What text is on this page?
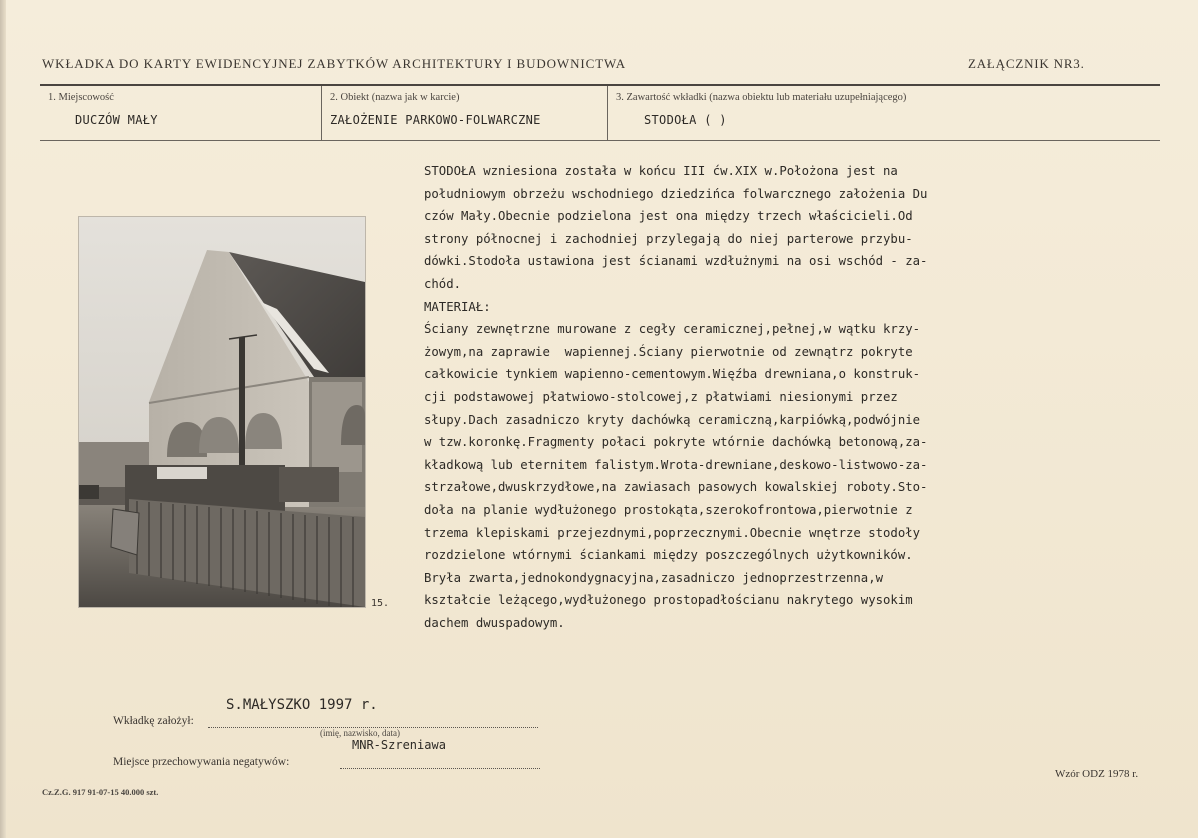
WKŁADKA DO KARTY EWIDENCYJNEJ ZABYTKÓW ARCHITEKTURY I BUDOWNICTWA	ZAŁĄCZNIK NR3.
1. Miejscowość
DUCZÓW MAŁY
2. Obiekt (nazwa jak w karcie)
ZAŁOŻENIE PARKOWO-FOLWARCZNE
3. Zawartość wkładki (nazwa obiektu lub materiału uzupełniającego)
STODOŁA ( )
15.
STODOŁA wzniesiona została w końcu III ćw.XIX w.Położona jest na
południowym obrzeżu wschodniego dziedzińca folwarcznego założenia Du
czów Mały.Obecnie podzielona jest ona między trzech właścicieli.Od
strony północnej i zachodniej przylegają do niej parterowe przybu-
dówki.Stodoła ustawiona jest ścianami wzdłużnymi na osi wschód - za-
chód.
MATERIAŁ:
Ściany zewnętrzne murowane z cegły ceramicznej,pełnej,w wątku krzy-
żowym,na zaprawie  wapiennej.Ściany pierwotnie od zewnątrz pokryte
całkowicie tynkiem wapienno-cementowym.Więźba drewniana,o konstruk-
cji podstawowej płatwiowo-stolcowej,z płatwiami niesionymi przez
słupy.Dach zasadniczo kryty dachówką ceramiczną,karpiówką,podwójnie
w tzw.koronkę.Fragmenty połaci pokryte wtórnie dachówką betonową,za-
kładkową lub eternitem falistym.Wrota-drewniane,deskowo-listwowo-za-
strzałowe,dwuskrzydłowe,na zawiasach pasowych kowalskiej roboty.Sto-
doła na planie wydłużonego prostokąta,szerokofrontowa,pierwotnie z
trzema klepiskami przejezdnymi,poprzecznymi.Obecnie wnętrze stodoły
rozdzielone wtórnymi ściankami między poszczególnych użytkowników.
Bryła zwarta,jednokondygnacyjna,zasadniczo jednoprzestrzenna,w
kształcie leżącego,wydłużonego prostopadłościanu nakrytego wysokim
dachem dwuspadowym.
S.MAŁYSZKO 1997 r.
Wkładkę założył:
(imię, nazwisko, data)
MNR-Szreniawa
Miejsce przechowywania negatywów:
Cz.Z.G. 917 91-07-15 40.000 szt.
Wzór ODZ 1978 r.
